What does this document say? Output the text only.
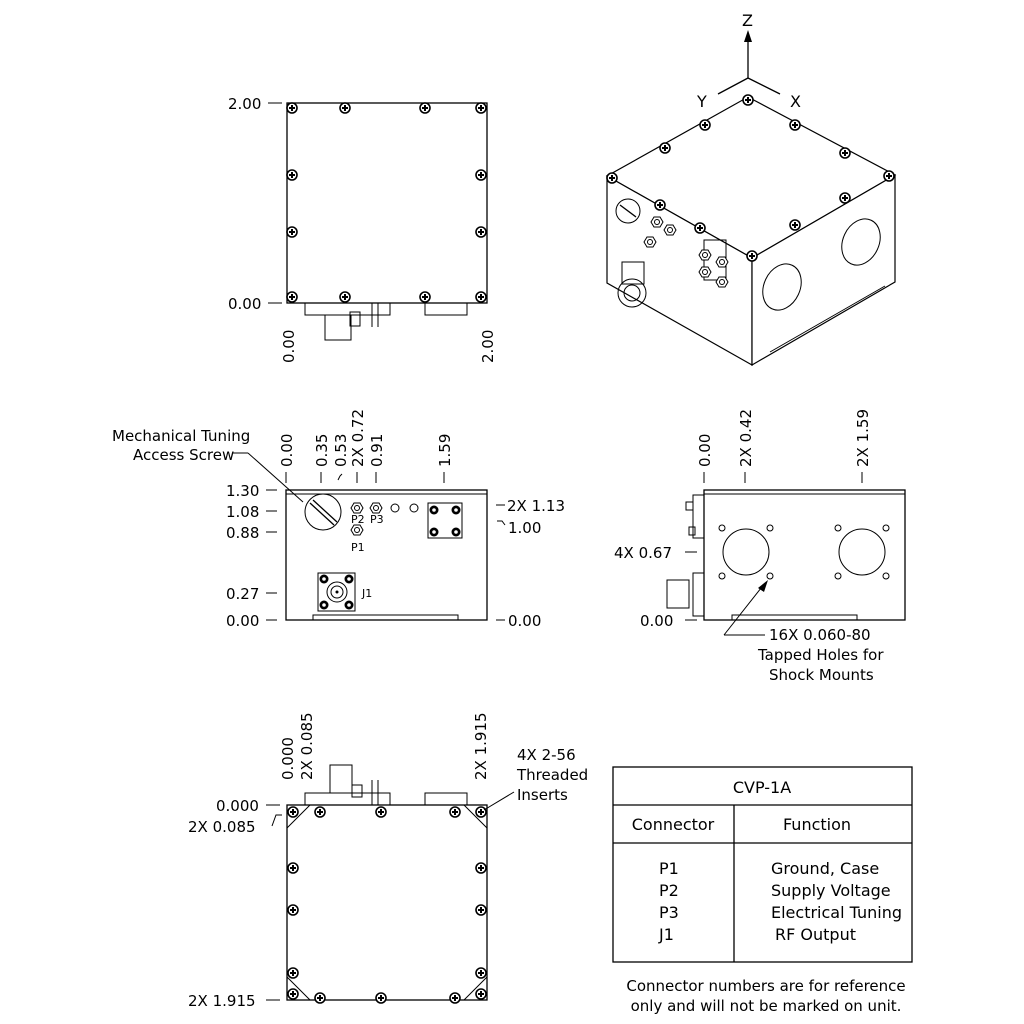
Z
Y	X
2.00
0.00
0.00	2.00
Mechanical Tuning
Access Screw
P2 P3
P1
J1
0.00 0.35 0.53 2X 0.72 0.91	1.59
1.30
1.08
0.88
0.27
0.00
2X 1.13
1.00
0.00
0.00 2X 0.42	2X 1.59
4X 0.67
0.00
16X 0.060-80
Tapped Holes for
Shock Mounts
0.000 2X 0.085	2X 1.915 4X 2-56
Threaded
Inserts
0.000
2X 0.085
2X 1.915
CVP-1A
Connector	Function
P1	Ground, Case
P2	Supply Voltage
P3	Electrical Tuning
J1	RF Output
Connector numbers are for reference
only and will not be marked on unit.
